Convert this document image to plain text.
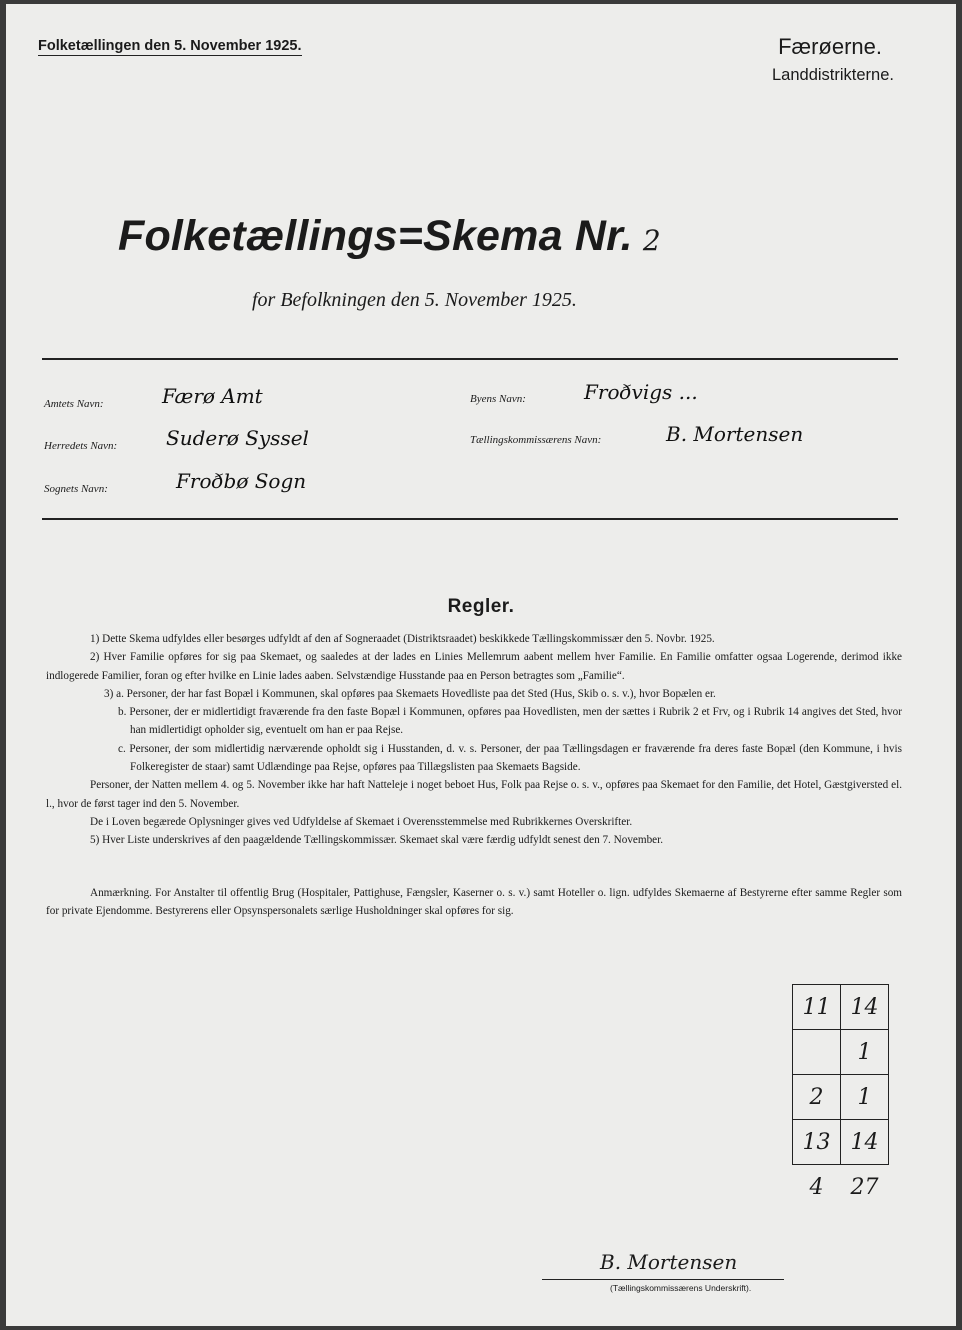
Folketællingen den 5. November 1925.	Færøerne.
Landdistrikterne.
Folketællings=Skema Nr. 2
for Befolkningen den 5. November 1925.
Amtets Navn:	Færø Amt
Herredets Navn: Suderø Syssel
Sognets Navn:	Froðbø Sogn
Byens Navn:	Froðvigs ...
Tællingskommissærens Navn:	B. Mortensen
Regler.

1) Dette Skema udfyldes eller besørges udfyldt af den af Sogneraadet (Distriktsraadet) beskikkede Tællingskommissær den 5. Novbr. 1925.

2) Hver Familie opføres for sig paa Skemaet, og saaledes at der lades en Linies Mellemrum aabent mellem hver Familie. En Familie omfatter ogsaa Logerende, derimod ikke indlogerede Familier, foran og efter hvilke en Linie lades aaben. Selvstændige Husstande paa en Person betragtes som „Familie“.

3) a. Personer, der har fast Bopæl i Kommunen, skal opføres paa Skemaets Hovedliste paa det Sted (Hus, Skib o. s. v.), hvor Bopælen er.

b. Personer, der er midlertidigt fraværende fra den faste Bopæl i Kommunen, opføres paa Hovedlisten, men der sættes i Rubrik 2 et Frv, og i Rubrik 14 angives det Sted, hvor han midlertidigt opholder sig, eventuelt om han er paa Rejse.

c. Personer, der som midlertidig nærværende opholdt sig i Husstanden, d. v. s. Personer, der paa Tællingsdagen er fraværende fra deres faste Bopæl (den Kommune, i hvis Folkeregister de staar) samt Udlændinge paa Rejse, opføres paa Tillægslisten paa Skemaets Bagside.

Personer, der Natten mellem 4. og 5. November ikke har haft Natteleje i noget beboet Hus, Folk paa Rejse o. s. v., opføres paa Skemaet for den Familie, det Hotel, Gæstgiversted el. l., hvor de først tager ind den 5. November.

De i Loven begærede Oplysninger gives ved Udfyldelse af Skemaet i Overensstemmelse med Rubrikkernes Overskrifter.

5) Hver Liste underskrives af den paagældende Tællingskommissær. Skemaet skal være færdig udfyldt senest den 7. November.

Anmærkning. For Anstalter til offentlig Brug (Hospitaler, Pattighuse, Fængsler, Kaserner o. s. v.) samt Hoteller o. lign. udfyldes Skemaerne af Bestyrerne efter samme Regler som for private Ejendomme. Bestyrerens eller Opsynspersonalets særlige Husholdninger skal opføres for sig.
11	14
	1
2	1
13	14
4	27
B. Mortensen
(Tællingskommissærens Underskrift).
